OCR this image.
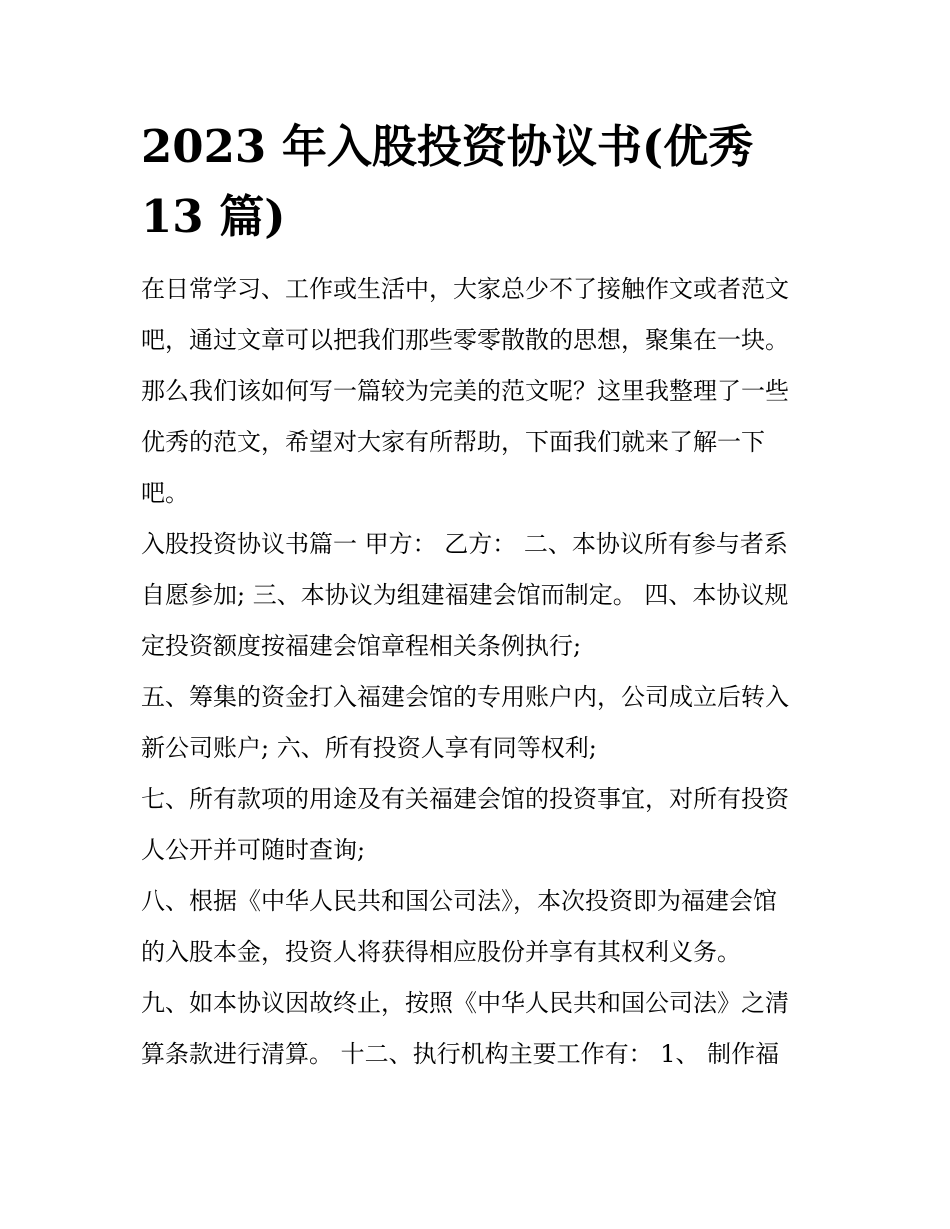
2023 年入股投资协议书(优秀
13 篇)

在日常学习、工作或生活中，大家总少不了接触作文或者范文
吧，通过文章可以把我们那些零零散散的思想，聚集在一块。
那么我们该如何写一篇较为完美的范文呢？这里我整理了一些
优秀的范文，希望对大家有所帮助，下面我们就来了解一下
吧。

入股投资协议书篇一 甲方： 乙方： 二、本协议所有参与者系
自愿参加; 三、本协议为组建福建会馆而制定。 四、本协议规
定投资额度按福建会馆章程相关条例执行;

五、筹集的资金打入福建会馆的专用账户内，公司成立后转入
新公司账户; 六、所有投资人享有同等权利;

七、所有款项的用途及有关福建会馆的投资事宜，对所有投资
人公开并可随时查询;

八、根据《中华人民共和国公司法》，本次投资即为福建会馆
的入股本金，投资人将获得相应股份并享有其权利义务。

九、如本协议因故终止，按照《中华人民共和国公司法》之清
算条款进行清算。 十二、执行机构主要工作有： 1、 制作福
